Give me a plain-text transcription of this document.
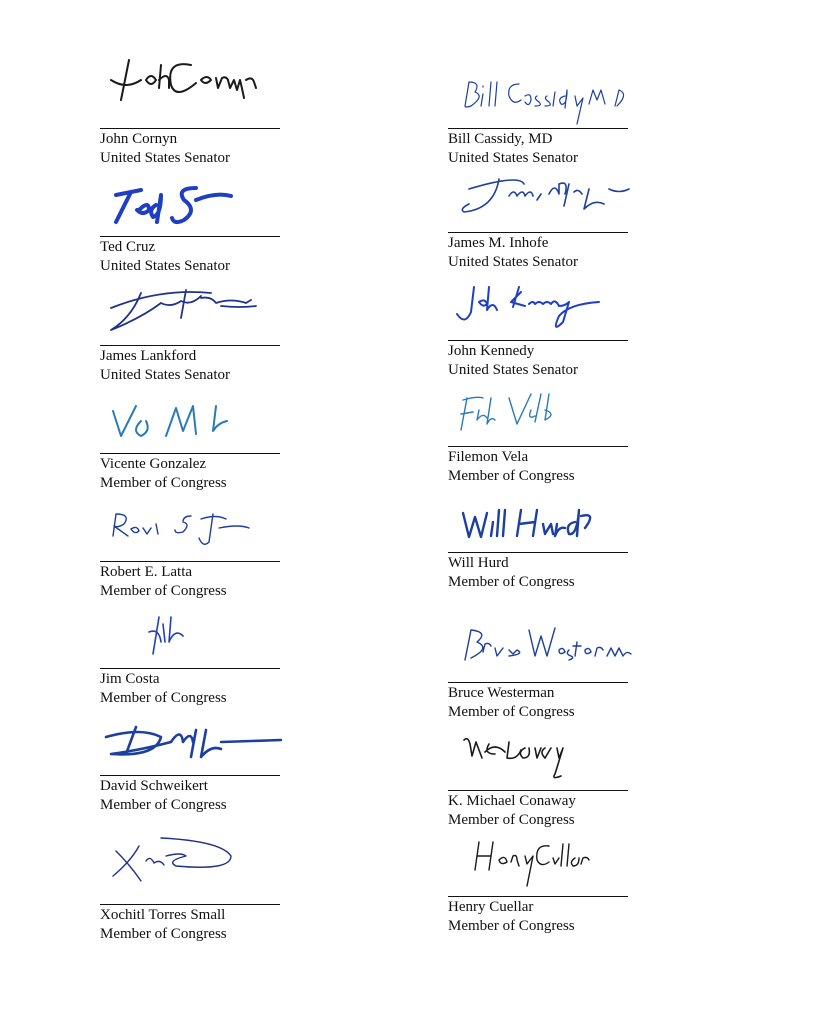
John Cornyn
United States Senator
Ted Cruz
United States Senator
James Lankford
United States Senator
Vicente Gonzalez
Member of Congress
Robert E. Latta
Member of Congress
Jim Costa
Member of Congress
David Schweikert
Member of Congress
Xochitl Torres Small
Member of Congress
Bill Cassidy, MD
United States Senator
James M. Inhofe
United States Senator
John Kennedy
United States Senator
Filemon Vela
Member of Congress
Will Hurd
Member of Congress
Bruce Westerman
Member of Congress
K. Michael Conaway
Member of Congress
Henry Cuellar
Member of Congress
